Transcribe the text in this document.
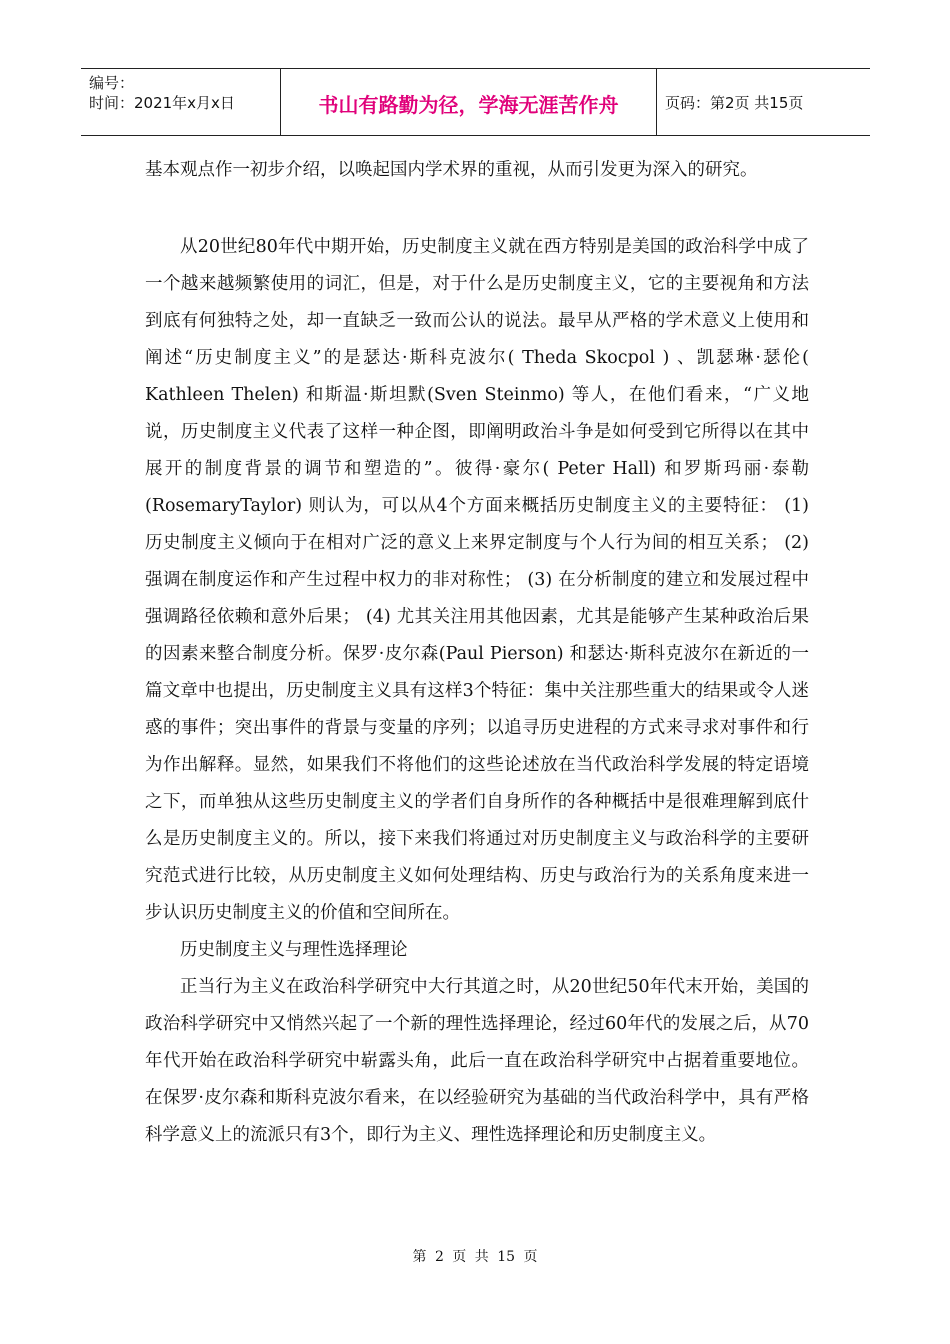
编号：
时间：2021年x月x日	书山有路勤为径，学海无涯苦作舟	页码：第2页 共15页

基本观点作一初步介绍，以唤起国内学术界的重视，从而引发更为深入的研究。

从20世纪80年代中期开始，历史制度主义就在西方特别是美国的政治科学中成了一个越来越频繁使用的词汇，但是，对于什么是历史制度主义，它的主要视角和方法到底有何独特之处，却一直缺乏一致而公认的说法。最早从严格的学术意义上使用和阐述“历史制度主义”的是瑟达·斯科克波尔( Theda Skocpol ) 、凯瑟琳·瑟伦( Kathleen Thelen) 和斯温·斯坦默(Sven Steinmo) 等人，在他们看来，“广义地说，历史制度主义代表了这样一种企图，即阐明政治斗争是如何受到它所得以在其中展开的制度背景的调节和塑造的”。彼得·豪尔( Peter Hall) 和罗斯玛丽·泰勒(RosemaryTaylor) 则认为，可以从4个方面来概括历史制度主义的主要特征： (1) 历史制度主义倾向于在相对广泛的意义上来界定制度与个人行为间的相互关系； (2) 强调在制度运作和产生过程中权力的非对称性； (3) 在分析制度的建立和发展过程中强调路径依赖和意外后果； (4) 尤其关注用其他因素，尤其是能够产生某种政治后果的因素来整合制度分析。保罗·皮尔森(Paul Pierson) 和瑟达·斯科克波尔在新近的一篇文章中也提出，历史制度主义具有这样3个特征：集中关注那些重大的结果或令人迷惑的事件；突出事件的背景与变量的序列；以追寻历史进程的方式来寻求对事件和行为作出解释。显然，如果我们不将他们的这些论述放在当代政治科学发展的特定语境之下，而单独从这些历史制度主义的学者们自身所作的各种概括中是很难理解到底什么是历史制度主义的。所以，接下来我们将通过对历史制度主义与政治科学的主要研究范式进行比较，从历史制度主义如何处理结构、历史与政治行为的关系角度来进一步认识历史制度主义的价值和空间所在。

历史制度主义与理性选择理论

正当行为主义在政治科学研究中大行其道之时，从20世纪50年代末开始，美国的政治科学研究中又悄然兴起了一个新的理性选择理论，经过60年代的发展之后，从70年代开始在政治科学研究中崭露头角，此后一直在政治科学研究中占据着重要地位。在保罗·皮尔森和斯科克波尔看来，在以经验研究为基础的当代政治科学中，具有严格科学意义上的流派只有3个，即行为主义、理性选择理论和历史制度主义。

第 2 页 共 15 页
